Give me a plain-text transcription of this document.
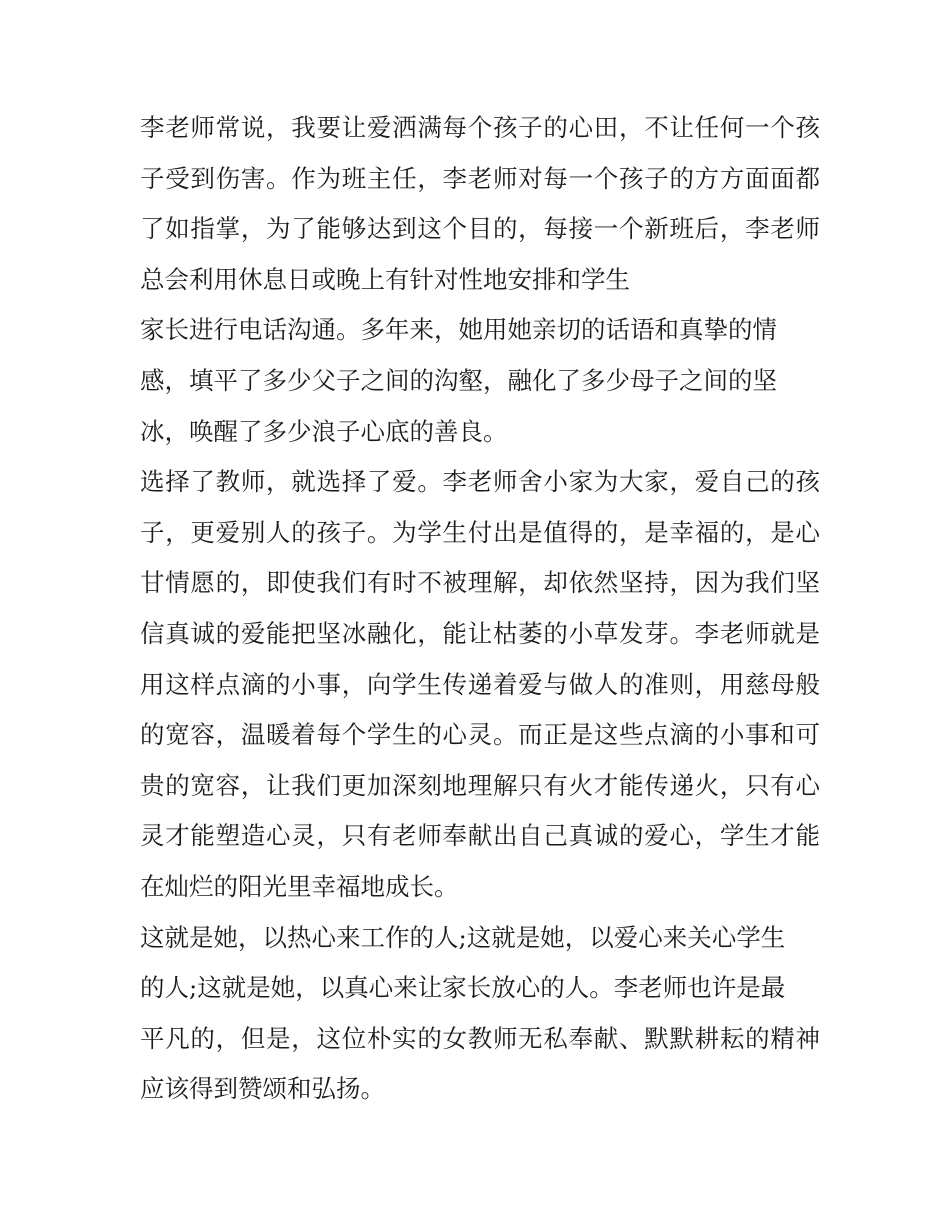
李老师常说，我要让爱洒满每个孩子的心田，不让任何一个孩
子受到伤害。作为班主任，李老师对每一个孩子的方方面面都
了如指掌，为了能够达到这个目的，每接一个新班后，李老师
总会利用休息日或晚上有针对性地安排和学生
家长进行电话沟通。多年来，她用她亲切的话语和真挚的情
感，填平了多少父子之间的沟壑，融化了多少母子之间的坚
冰，唤醒了多少浪子心底的善良。
选择了教师，就选择了爱。李老师舍小家为大家，爱自己的孩
子，更爱别人的孩子。为学生付出是值得的，是幸福的，是心
甘情愿的，即使我们有时不被理解，却依然坚持，因为我们坚
信真诚的爱能把坚冰融化，能让枯萎的小草发芽。李老师就是
用这样点滴的小事，向学生传递着爱与做人的准则，用慈母般
的宽容，温暖着每个学生的心灵。而正是这些点滴的小事和可
贵的宽容，让我们更加深刻地理解只有火才能传递火，只有心
灵才能塑造心灵，只有老师奉献出自己真诚的爱心，学生才能
在灿烂的阳光里幸福地成长。
这就是她，以热心来工作的人;这就是她，以爱心来关心学生
的人;这就是她，以真心来让家长放心的人。李老师也许是最
平凡的，但是，这位朴实的女教师无私奉献、默默耕耘的精神
应该得到赞颂和弘扬。
